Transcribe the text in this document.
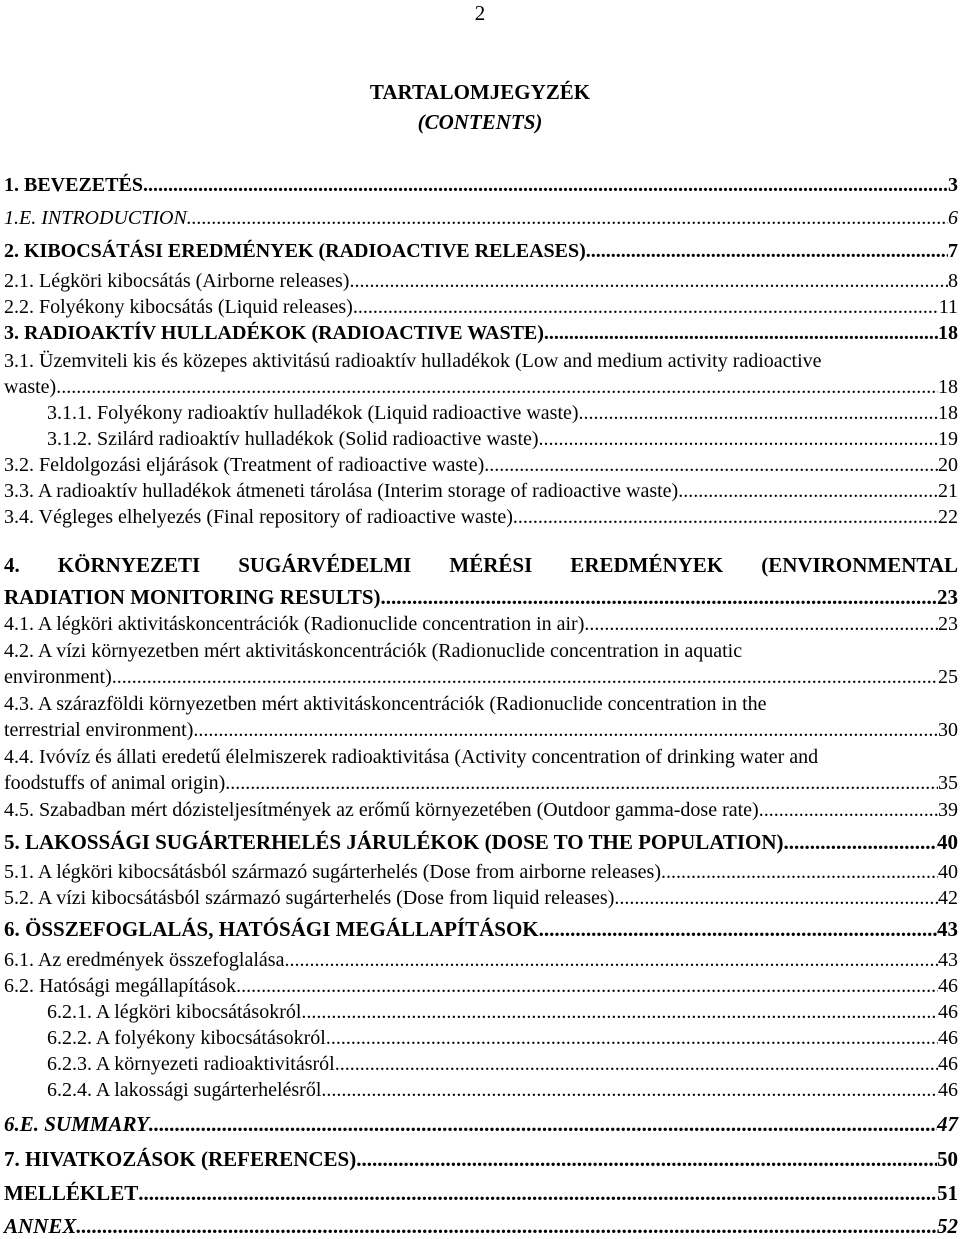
2
TARTALOMJEGYZÉK
(CONTENTS)
1. BEVEZETÉS .....	3
1.E. INTRODUCTION .....	6
2. KIBOCSÁTÁSI EREDMÉNYEK (RADIOACTIVE RELEASES) .....	7
2.1. Légköri kibocsátás (Airborne releases) .....	8
2.2. Folyékony kibocsátás (Liquid releases) .....	11
3. RADIOAKTÍV HULLADÉKOK (RADIOACTIVE WASTE) .....	18
3.1. Üzemviteli kis és közepes aktivitású radioaktív hulladékok (Low and medium activity radioactive
waste) .....	18
3.1.1. Folyékony radioaktív hulladékok (Liquid radioactive waste) .....	18
3.1.2. Szilárd radioaktív hulladékok (Solid radioactive waste) .....	19
3.2. Feldolgozási eljárások (Treatment of radioactive waste) .....	20
3.3. A radioaktív hulladékok átmeneti tárolása (Interim storage of radioactive waste) .....	21
3.4. Végleges elhelyezés (Final repository of radioactive waste) .....	22
4. KÖRNYEZETI SUGÁRVÉDELMI MÉRÉSI EREDMÉNYEK (ENVIRONMENTAL
RADIATION MONITORING RESULTS) .....	23
4.1. A légköri aktivitáskoncentrációk (Radionuclide concentration in air) .....	23
4.2. A vízi környezetben mért aktivitáskoncentrációk (Radionuclide concentration in aquatic
environment) .....	25
4.3. A szárazföldi környezetben mért aktivitáskoncentrációk (Radionuclide concentration in the
terrestrial environment) .....	30
4.4. Ivóvíz és állati eredetű élelmiszerek radioaktivitása (Activity concentration of drinking water and
foodstuffs of animal origin) .....	35
4.5. Szabadban mért dózisteljesítmények az erőmű környezetében (Outdoor gamma-dose rate) .....	39
5. LAKOSSÁGI SUGÁRTERHELÉS JÁRULÉKOK (DOSE TO THE POPULATION) .....	40
5.1. A légköri kibocsátásból származó sugárterhelés (Dose from airborne releases) .....	40
5.2. A vízi kibocsátásból származó sugárterhelés (Dose from liquid releases) .....	42
6. ÖSSZEFOGLALÁS, HATÓSÁGI MEGÁLLAPÍTÁSOK .....	43
6.1. Az eredmények összefoglalása .....	43
6.2. Hatósági megállapítások .....	46
6.2.1. A légköri kibocsátásokról .....	46
6.2.2. A folyékony kibocsátásokról .....	46
6.2.3. A környezeti radioaktivitásról .....	46
6.2.4. A lakossági sugárterhelésről .....	46
6.E. SUMMARY .....	47
7. HIVATKOZÁSOK (REFERENCES) .....	50
MELLÉKLET .....	51
ANNEX .....	52
